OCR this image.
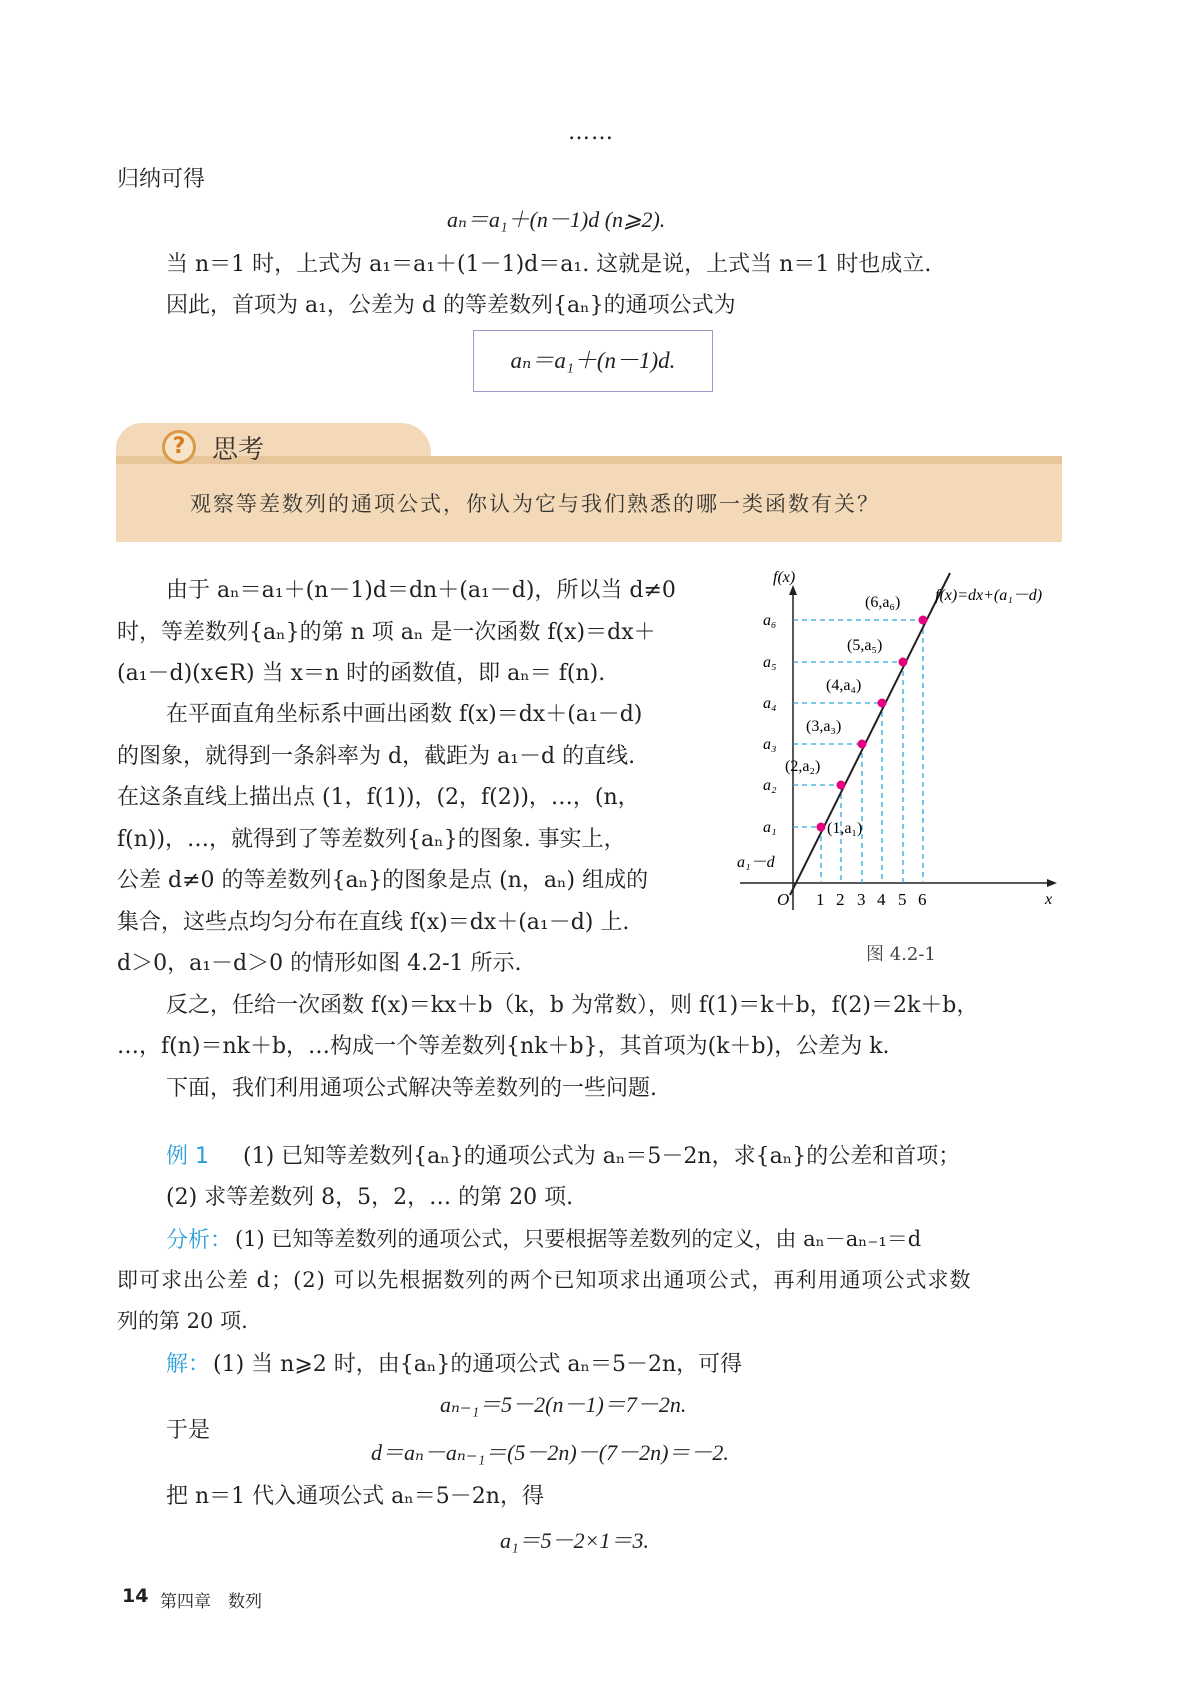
……
归纳可得
aₙ＝a₁＋(n－1)d (n⩾2).
当 n＝1 时，上式为 a₁＝a₁＋(1－1)d＝a₁. 这就是说，上式当 n＝1 时也成立.
因此，首项为 a₁，公差为 d 的等差数列{aₙ}的通项公式为
aₙ＝a₁＋(n－1)d.
?	思考
观察等差数列的通项公式，你认为它与我们熟悉的哪一类函数有关？
由于 aₙ＝a₁＋(n－1)d＝dn＋(a₁－d)，所以当 d≠0
时，等差数列{aₙ}的第 n 项 aₙ 是一次函数 f(x)＝dx＋
(a₁－d)(x∈R) 当 x＝n 时的函数值，即 aₙ＝ f(n).
在平面直角坐标系中画出函数 f(x)＝dx＋(a₁－d)
的图象，就得到一条斜率为 d，截距为 a₁－d 的直线.
在这条直线上描出点 (1，f(1))，(2，f(2))，…，(n，
f(n))，…，就得到了等差数列{aₙ}的图象. 事实上，
公差 d≠0 的等差数列{aₙ}的图象是点 (n，aₙ) 组成的
集合，这些点均匀分布在直线 f(x)＝dx＋(a₁－d) 上.
d＞0，a₁－d＞0 的情形如图 4.2-1 所示.
f(x)
x
O
f(x)=dx+(a₁－d)
a₁－d
1 2 3 4 5 6
a₁
a₂
a₃
a₄
a₅
a₆
(1,a₁)
(2,a₂)
(3,a₃)
(4,a₄)
(5,a₅)
(6,a₆)
图 4.2-1
反之，任给一次函数 f(x)＝kx＋b（k，b 为常数），则 f(1)＝k＋b，f(2)＝2k＋b，
…，f(n)＝nk＋b，…构成一个等差数列{nk＋b}，其首项为(k＋b)，公差为 k.
下面，我们利用通项公式解决等差数列的一些问题.
例 1 (1) 已知等差数列{aₙ}的通项公式为 aₙ＝5－2n，求{aₙ}的公差和首项；
(2) 求等差数列 8，5，2，… 的第 20 项.
分析： (1) 已知等差数列的通项公式，只要根据等差数列的定义，由 aₙ－aₙ₋₁＝d
即可求出公差 d；(2) 可以先根据数列的两个已知项求出通项公式，再利用通项公式求数
列的第 20 项.
解： (1) 当 n⩾2 时，由{aₙ}的通项公式 aₙ＝5－2n，可得
aₙ₋₁＝5－2(n－1)＝7－2n.
于是
d＝aₙ－aₙ₋₁＝(5－2n)－(7－2n)＝－2.
把 n＝1 代入通项公式 aₙ＝5－2n，得
a₁＝5－2×1＝3.
14 第四章　数列
